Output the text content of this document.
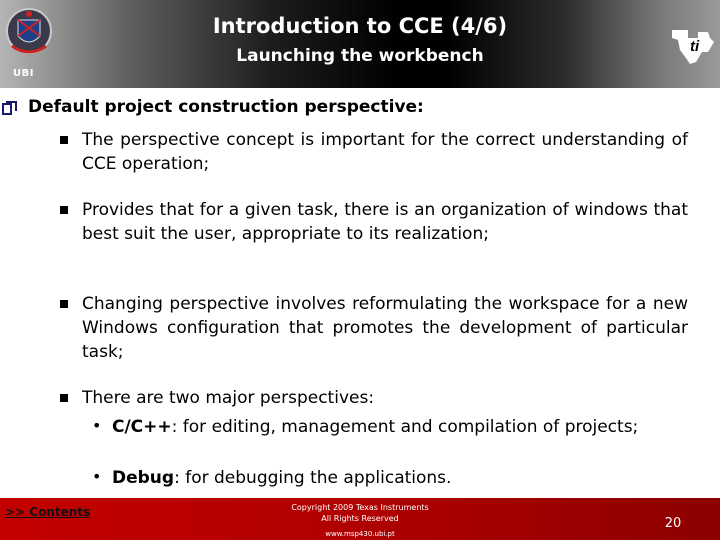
UBI
Introduction to CCE (4/6)
Launching the workbench	ti
Default project construction perspective:
The perspective concept is important for the correct understanding of CCE operation;
Provides that for a given task, there is an organization of windows that best suit the user, appropriate to its realization;
Changing perspective involves reformulating the workspace for a new Windows configuration that promotes the development of particular task;
There are two major perspectives:
• C/C++: for editing, management and compilation of projects;
• Debug: for debugging the applications.
>> Contents	Copyright 2009 Texas Instruments
All Rights Reserved
www.msp430.ubi.pt
20
